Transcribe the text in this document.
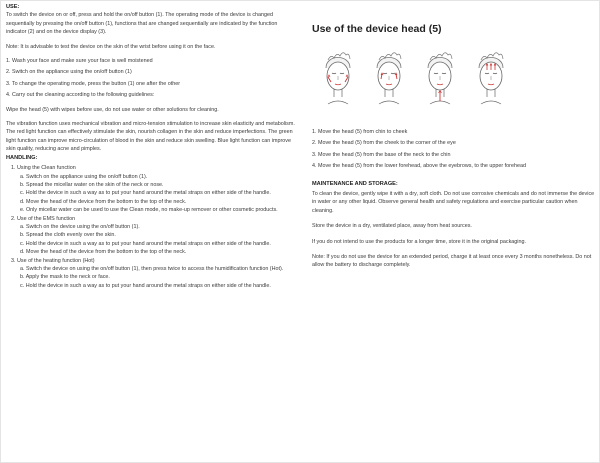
USE:

To switch the device on or off, press and hold the on/off button (1). The operating mode of the device is changed sequentially by pressing the on/off button (1), functions that are changed sequentially are indicated by the function indicator (2) and on the device display (3).

Note: It is advisable to test the device on the skin of the wrist before using it on the face.

1. Wash your face and make sure your face is well moistened

2. Switch on the appliance using the on/off button (1)

3. To change the operating mode, press the button (1) one after the other

4. Carry out the cleaning according to the following guidelines:

Wipe the head (5) with wipes before use, do not use water or other solutions for cleaning.

The vibration function uses mechanical vibration and micro-tension stimulation to increase skin elasticity and metabolism. The red light function can effectively stimulate the skin, nourish collagen in the skin and reduce imperfections. The green light function can improve micro-circulation of blood in the skin and reduce skin swelling. Blue light function can improve skin quality, reducing acne and pimples.

HANDLING:

1. Using the Clean function

a. Switch on the appliance using the on/off button (1).

b. Spread the micellar water on the skin of the neck or nose.

c. Hold the device in such a way as to put your hand around the metal straps on either side of the handle.

d. Move the head of the device from the bottom to the top of the neck.

e. Only micellar water can be used to use the Clean mode, no make-up remover or other cosmetic products.

2. Use of the EMS function

a. Switch on the device using the on/off button (1).

b. Spread the cloth evenly over the skin.

c. Hold the device in such a way as to put your hand around the metal straps on either side of the handle.

d. Move the head of the device from the bottom to the top of the neck.

3. Use of the heating function (Hot)

a. Switch the device on using the on/off button (1), then press twice to access the humidification function (Hot).

b. Apply the mask to the neck or face.

c. Hold the device in such a way as to put your hand around the metal straps on either side of the handle.

Use of the device head (5)

1. Move the head (5) from chin to cheek

2. Move the head (5) from the cheek to the corner of the eye

3. Move the head (5) from the base of the neck to the chin

4. Move the head (5) from the lower forehead, above the eyebrows, to the upper forehead

MAINTENANCE AND STORAGE:

To clean the device, gently wipe it with a dry, soft cloth. Do not use corrosive chemicals and do not immerse the device in water or any other liquid. Observe general health and safety regulations and exercise particular caution when cleaning.

Store the device in a dry, ventilated place, away from heat sources.

If you do not intend to use the products for a longer time, store it in the original packaging.

Note: If you do not use the device for an extended period, charge it at least once every 3 months nonetheless. Do not allow the battery to discharge completely.
